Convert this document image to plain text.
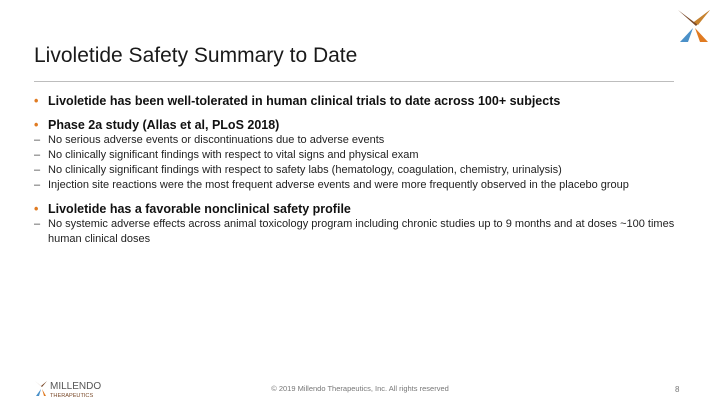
Livoletide Safety Summary to Date
• Livoletide has been well-tolerated in human clinical trials to date across 100+ subjects
• Phase 2a study (Allas et al, PLoS 2018)
– No serious adverse events or discontinuations due to adverse events
– No clinically significant findings with respect to vital signs and physical exam
– No clinically significant findings with respect to safety labs (hematology, coagulation, chemistry, urinalysis)
– Injection site reactions were the most frequent adverse events and were more frequently observed in the placebo group
• Livoletide has a favorable nonclinical safety profile
– No systemic adverse effects across animal toxicology program including chronic studies up to 9 months and at doses ~100 times human clinical doses
MILLENDO
THERAPEUTICS
© 2019 Millendo Therapeutics, Inc. All rights reserved	8
